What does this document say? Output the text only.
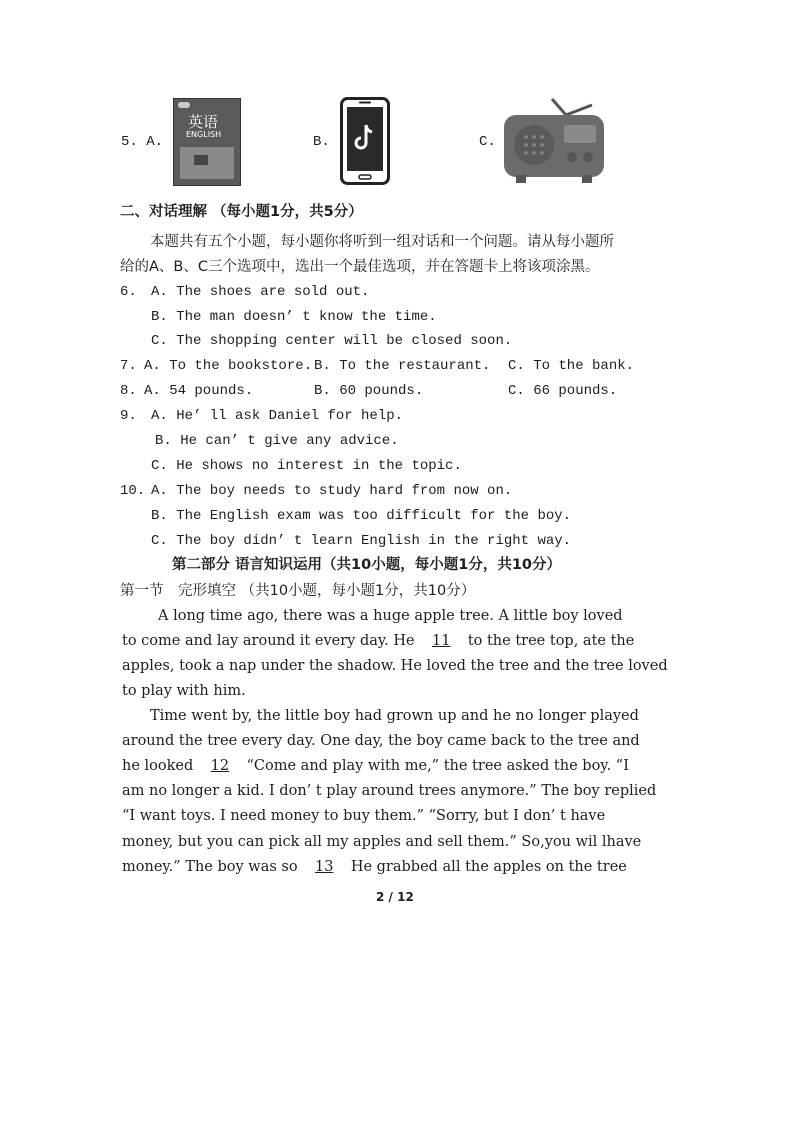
5. A.
英语
ENGLISH	B.	C.
二、对话理解 （每小题1分，共5分）
本题共有五个小题，每小题你将听到一组对话和一个问题。请从每小题所
给的A、B、C三个选项中，选出一个最佳选项，并在答题卡上将该项涂黑。
6. A. The shoes are sold out.
B. The man doesn’ t know the time.
C. The shopping center will be closed soon.
7. A. To the bookstore. B. To the restaurant. C. To the bank.
8. A. 54 pounds.	B. 60 pounds.	C. 66 pounds.
9. A. He’ ll ask Daniel for help.
B. He can’ t give any advice.
C. He shows no interest in the topic.
10. A. The boy needs to study hard from now on.
B. The English exam was too difficult for the boy.
C. The boy didn’ t learn English in the right way.
第二部分 语言知识运用（共10小题，每小题1分，共10分）
第一节　完形填空 （共10小题，每小题1分，共10分）
A long time ago, there was a huge apple tree. A little boy loved
to come and lay around it every day. He 11 to the tree top, ate the
apples, took a nap under the shadow. He loved the tree and the tree loved
to play with him.
Time went by, the little boy had grown up and he no longer played
around the tree every day. One day, the boy came back to the tree and
he looked 12 “Come and play with me,” the tree asked the boy. “I
am no longer a kid. I don’ t play around trees anymore.” The boy replied
“I want toys. I need money to buy them.” “Sorry, but I don’ t have
money, but you can pick all my apples and sell them.” So,you wil lhave
money.” The boy was so 13 He grabbed all the apples on the tree
2 / 12
